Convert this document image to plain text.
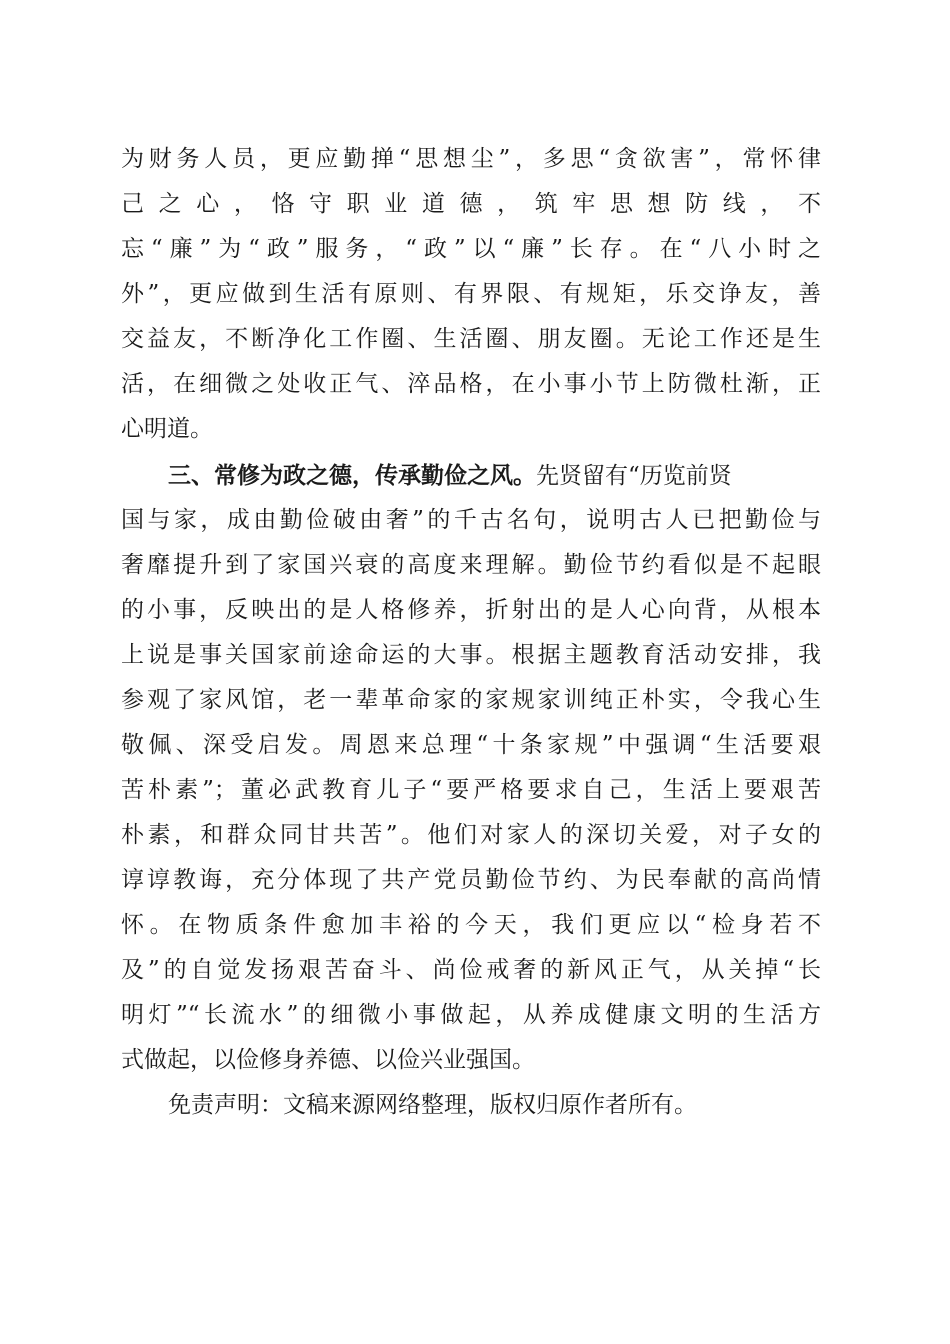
为财务人员，更应勤掸“思想尘”，多思“贪欲害”，常怀律
己之心，恪守职业道德，筑牢思想防线，不
忘“廉”为“政”服务，“政”以“廉”长存。在“八小时之
外”，更应做到生活有原则、有界限、有规矩，乐交诤友，善
交益友，不断净化工作圈、生活圈、朋友圈。无论工作还是生
活，在细微之处收正气、淬品格，在小事小节上防微杜渐，正
心明道。
三、常修为政之德，传承勤俭之风。先贤留有“历览前贤
国与家，成由勤俭破由奢”的千古名句，说明古人已把勤俭与
奢靡提升到了家国兴衰的高度来理解。勤俭节约看似是不起眼
的小事，反映出的是人格修养，折射出的是人心向背，从根本
上说是事关国家前途命运的大事。根据主题教育活动安排，我
参观了家风馆，老一辈革命家的家规家训纯正朴实，令我心生
敬佩、深受启发。周恩来总理“十条家规”中强调“生活要艰
苦朴素”；董必武教育儿子“要严格要求自己，生活上要艰苦
朴素，和群众同甘共苦”。他们对家人的深切关爱，对子女的
谆谆教诲，充分体现了共产党员勤俭节约、为民奉献的高尚情
怀。在物质条件愈加丰裕的今天，我们更应以“检身若不
及”的自觉发扬艰苦奋斗、尚俭戒奢的新风正气，从关掉“长
明灯”“长流水”的细微小事做起，从养成健康文明的生活方
式做起，以俭修身养德、以俭兴业强国。
免责声明：文稿来源网络整理，版权归原作者所有。
